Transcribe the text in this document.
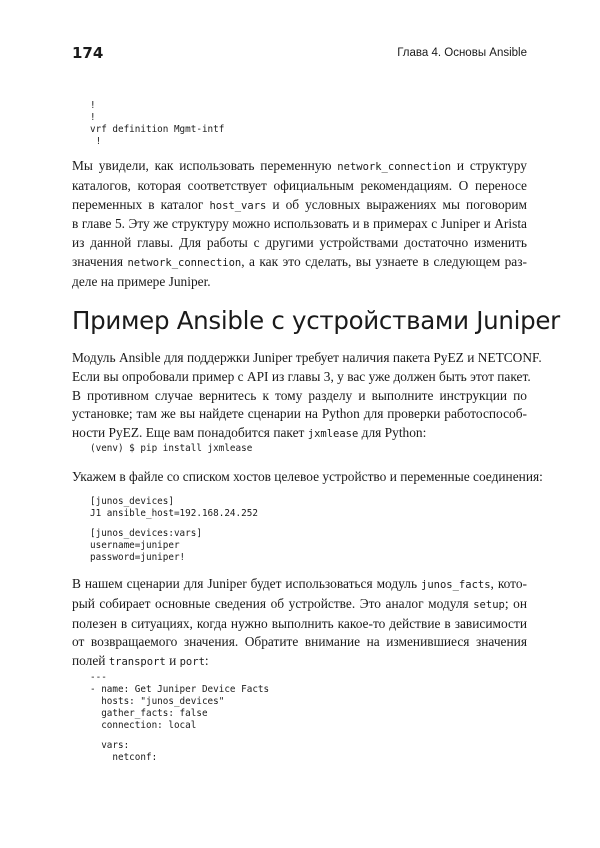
174	Глава 4. Основы Ansible
!
!
vrf definition Mgmt-intf
!

Мы увидели, как использовать переменную network_connection и структуру
каталогов, которая соответствует официальным рекомендациям. О переносе
переменных в каталог host_vars и об условных выражениях мы поговорим
в главе 5. Эту же структуру можно использовать и в примерах с Juniper и Arista
из данной главы. Для работы с другими устройствами достаточно изменить
значения network_connection, а как это сделать, вы узнаете в следующем раз-
деле на примере Juniper.

Пример Ansible с устройствами Juniper

Модуль Ansible для поддержки Juniper требует наличия пакета PyEZ и NETCONF.
Если вы опробовали пример с API из главы 3, у вас уже должен быть этот пакет.
В противном случае вернитесь к тому разделу и выполните инструкции по
установке; там же вы найдете сценарии на Python для проверки работоспособ-
ности PyEZ. Еще вам понадобится пакет jxmlease для Python:

(venv) $ pip install jxmlease

Укажем в файле со списком хостов целевое устройство и переменные соединения:

[junos_devices]
J1 ansible_host=192.168.24.252
[junos_devices:vars]
username=juniper
password=juniper!

В нашем сценарии для Juniper будет использоваться модуль junos_facts, кото-
рый собирает основные сведения об устройстве. Это аналог модуля setup; он
полезен в ситуациях, когда нужно выполнить какое-то действие в зависимости
от возвращаемого значения. Обратите внимание на изменившиеся значения
полей transport и port:

---
- name: Get Juniper Device Facts
hosts: "junos_devices"
gather_facts: false
connection: local
vars:
netconf:
